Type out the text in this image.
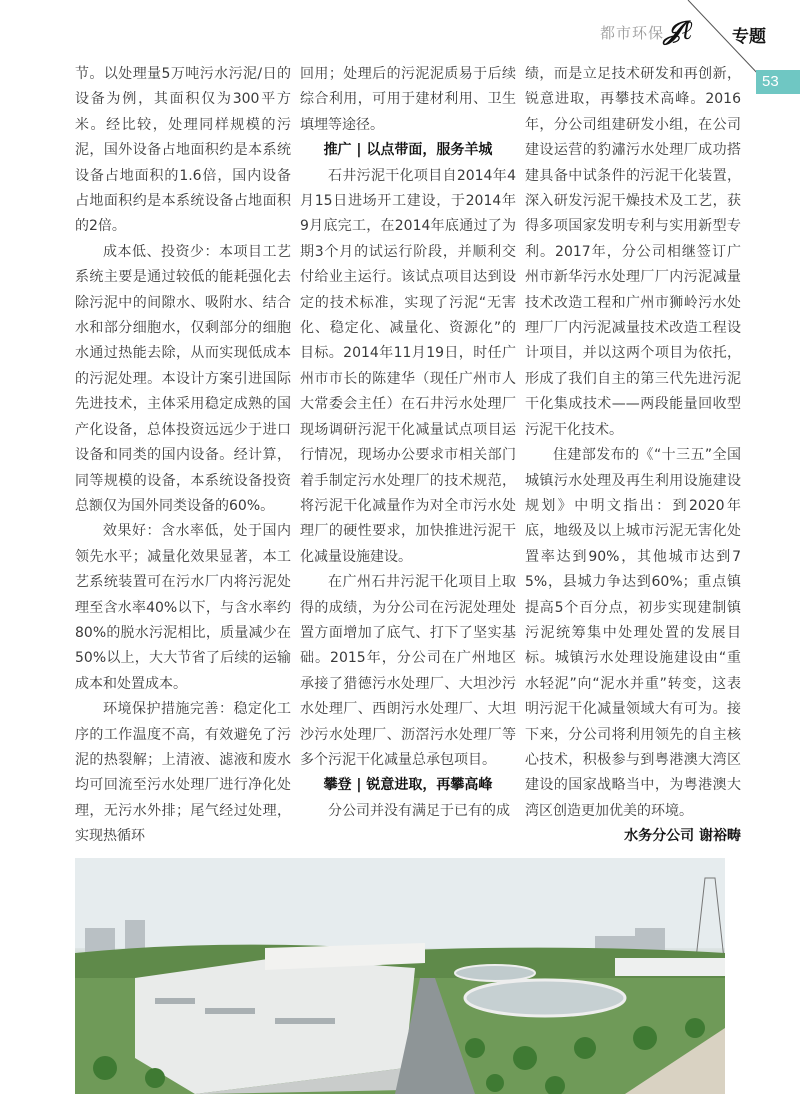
都市环保 𝒥ℓ 专题
53

节。以处理量5万吨污水污泥/日的设备为例，其面积仅为300平方米。经比较，处理同样规模的污泥，国外设备占地面积约是本系统设备占地面积的1.6倍，国内设备占地面积约是本系统设备占地面积的2倍。

成本低、投资少：本项目工艺系统主要是通过较低的能耗强化去除污泥中的间隙水、吸附水、结合水和部分细胞水，仅剩部分的细胞水通过热能去除，从而实现低成本的污泥处理。本设计方案引进国际先进技术，主体采用稳定成熟的国产化设备，总体投资远远少于进口设备和同类的国内设备。经计算，同等规模的设备，本系统设备投资总额仅为国外同类设备的60%。

效果好：含水率低，处于国内领先水平；减量化效果显著，本工艺系统装置可在污水厂内将污泥处理至含水率40%以下，与含水率约80%的脱水污泥相比，质量减少在50%以上，大大节省了后续的运输成本和处置成本。

环境保护措施完善：稳定化工序的工作温度不高，有效避免了污泥的热裂解；上清液、滤液和废水均可回流至污水处理厂进行净化处理，无污水外排；尾气经过处理，实现热循环

回用；处理后的污泥泥质易于后续综合利用，可用于建材利用、卫生填埋等途径。

推广 | 以点带面，服务羊城

石井污泥干化项目自2014年4月15日进场开工建设，于2014年9月底完工，在2014年底通过了为期3个月的试运行阶段，并顺利交付给业主运行。该试点项目达到设定的技术标准，实现了污泥“无害化、稳定化、减量化、资源化”的目标。2014年11月19日，时任广州市市长的陈建华（现任广州市人大常委会主任）在石井污水处理厂现场调研污泥干化减量试点项目运行情况，现场办公要求市相关部门着手制定污水处理厂的技术规范，将污泥干化减量作为对全市污水处理厂的硬性要求，加快推进污泥干化减量设施建设。

在广州石井污泥干化项目上取得的成绩，为分公司在污泥处理处置方面增加了底气、打下了坚实基础。2015年，分公司在广州地区承接了猎德污水处理厂、大坦沙污水处理厂、西朗污水处理厂、大坦沙污水处理厂、沥滘污水处理厂等多个污泥干化减量总承包项目。

攀登 | 锐意进取，再攀高峰

分公司并没有满足于已有的成

绩，而是立足技术研发和再创新，锐意进取，再攀技术高峰。2016年，分公司组建研发小组，在公司建设运营的豹潚污水处理厂成功搭建具备中试条件的污泥干化装置，深入研发污泥干燥技术及工艺，获得多项国家发明专利与实用新型专利。2017年，分公司相继签订广州市新华污水处理厂厂内污泥减量技术改造工程和广州市狮岭污水处理厂厂内污泥减量技术改造工程设计项目，并以这两个项目为依托，形成了我们自主的第三代先进污泥干化集成技术——两段能量回收型污泥干化技术。

住建部发布的《“十三五”全国城镇污水处理及再生利用设施建设规划》中明文指出：到2020年底，地级及以上城市污泥无害化处置率达到90%，其他城市达到75%，县城力争达到60%；重点镇提高5个百分点，初步实现建制镇污泥统筹集中处理处置的发展目标。城镇污水处理设施建设由“重水轻泥”向“泥水并重”转变，这表明污泥干化减量领域大有可为。接下来，分公司将利用领先的自主核心技术，积极参与到粤港澳大湾区建设的国家战略当中，为粤港澳大湾区创造更加优美的环境。

水务分公司 谢裕畴
